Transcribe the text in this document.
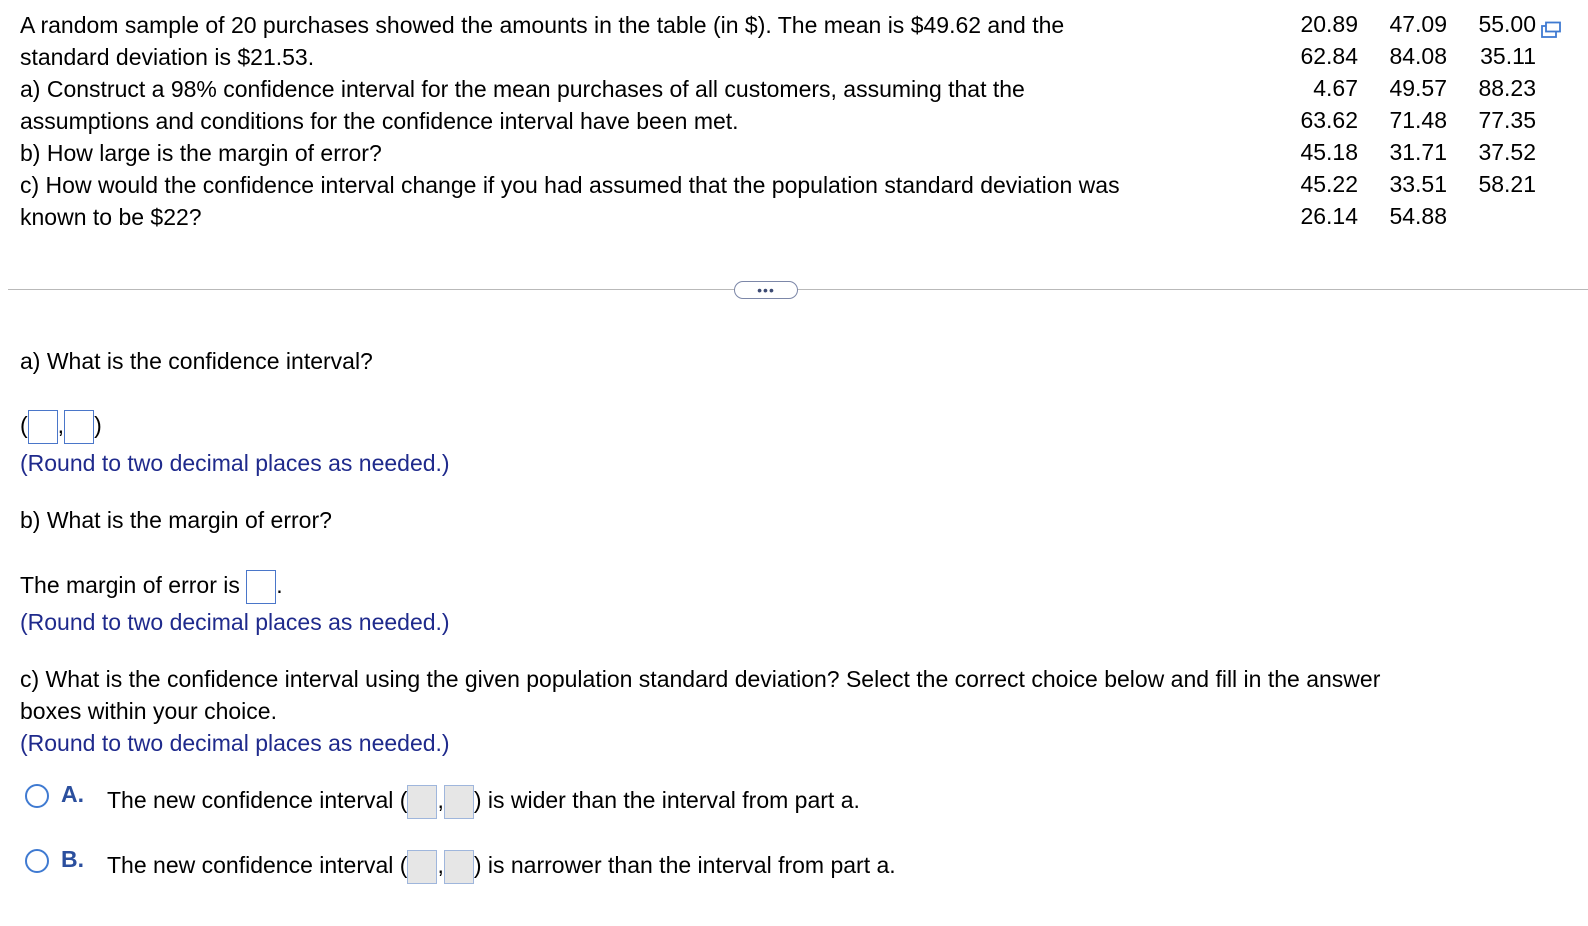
A random sample of 20 purchases showed the amounts in the table (in $). The mean is $49.62 and the
standard deviation is $21.53.
a) Construct a 98% confidence interval for the mean purchases of all customers, assuming that the
assumptions and conditions for the confidence interval have been met.
b) How large is the margin of error?
c) How would the confidence interval change if you had assumed that the population standard deviation was
known to be $22?
20.89	47.09	55.00
62.84	84.08	35.11
4.67	49.57	88.23
63.62	71.48	77.35
45.18	31.71	37.52
45.22	33.51	58.21
26.14	54.88
•••
a) What is the confidence interval?
( , )
(Round to two decimal places as needed.)
b) What is the margin of error?
The margin of error is .
(Round to two decimal places as needed.)
c) What is the confidence interval using the given population standard deviation? Select the correct choice below and fill in the answer
boxes within your choice.
(Round to two decimal places as needed.)
A. The new confidence interval ( , ) is wider than the interval from part a.
B. The new confidence interval ( , ) is narrower than the interval from part a.
